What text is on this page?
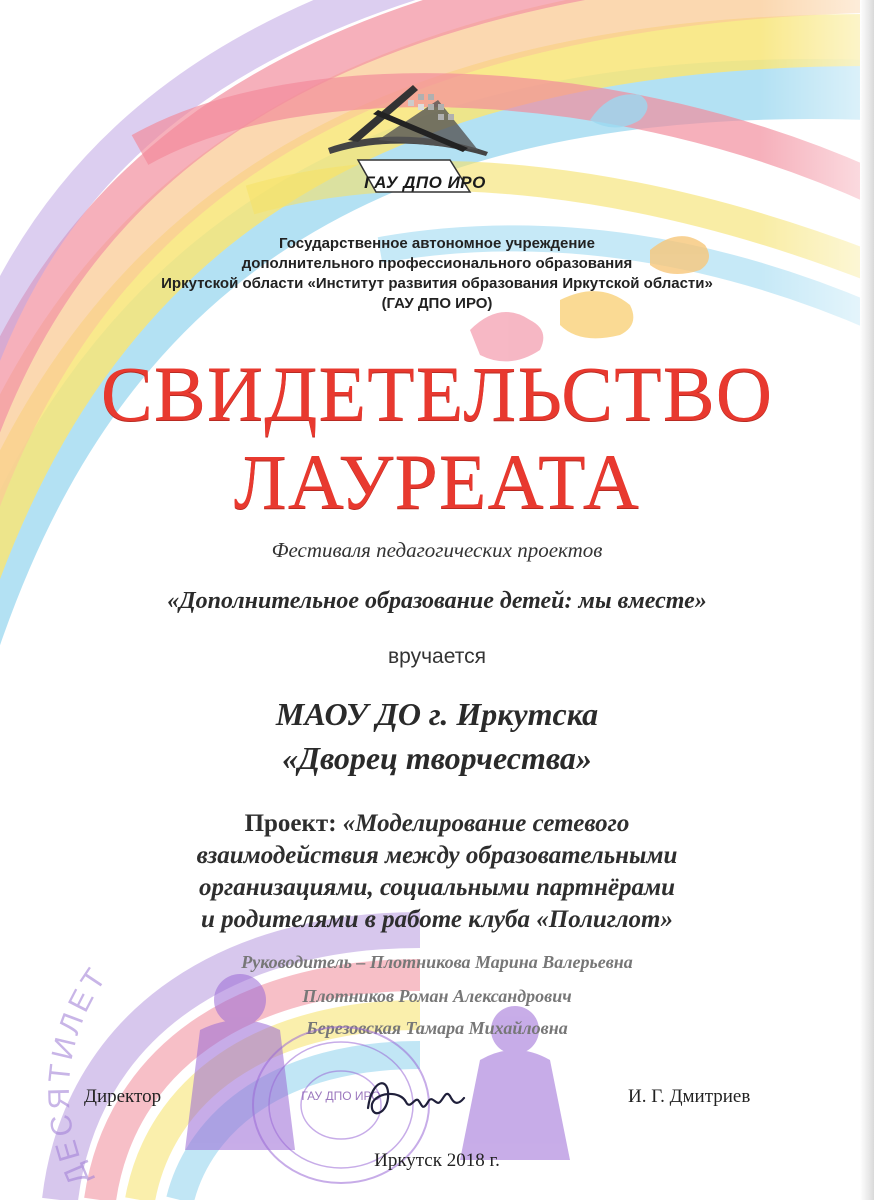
ДЕСЯТИЛЕТ
ГАУ ДПО ИРО
Государственное автономное учреждение
дополнительного профессионального образования
Иркутской области «Институт развития образования Иркутской области»
(ГАУ ДПО ИРО)
СВИДЕТЕЛЬСТВО
ЛАУРЕАТА
Фестиваля педагогических проектов
«Дополнительное образование детей: мы вместе»
вручается
МАОУ ДО г. Иркутска
«Дворец творчества»
Проект: «Моделирование сетевого
взаимодействия между образовательными
организациями, социальными партнёрами
и родителями в работе клуба «Полиглот»
Руководитель – Плотникова Марина Валерьевна
Плотников Роман Александрович
Березовская Тамара Михайловна
ГАУ ДПО ИРО
Директор	И. Г. Дмитриев
Иркутск 2018 г.
